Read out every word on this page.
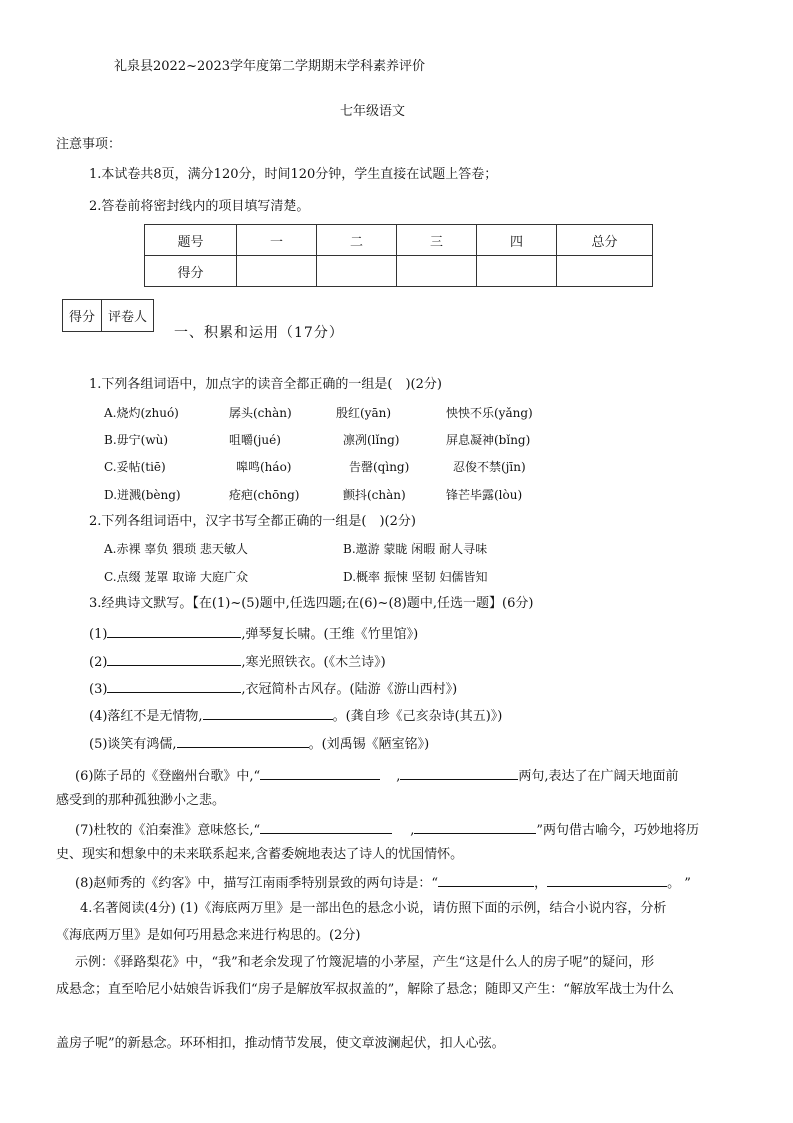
礼泉县2022~2023学年度第二学期期末学科素养评价
七年级语文
注意事项：
1.本试卷共8页，满分120分，时间120分钟，学生直接在试题上答卷；
2.答卷前将密封线内的项目填写清楚。
题号	一	二	三	四	总分
得分					
得分	评卷人
一、积累和运用（17分）
1.下列各组词语中，加点字的读音全都正确的一组是(　)(2分)
A.烧灼(zhuó)	孱头(chàn)	殷红(yān)	怏怏不乐(yǎng)
B.毋宁(wù)	咀嚼(jué)	凛冽(lǐng)	屏息凝神(bǐng)
C.妥帖(tiē)	嗥鸣(háo)	告罄(qìng)	忍俊不禁(jīn)
D.迸溅(bèng)	疮疤(chōng)	颤抖(chàn)	锋芒毕露(lòu)
2.下列各组词语中，汉字书写全都正确的一组是(　)(2分)
A.赤裸 辜负 猥琐 悲天敏人	B.遨游 蒙眬 闲暇 耐人寻味
C.点缀 茏罩 取谛 大庭广众	D.概率 振悚 坚韧 妇儒皆知
3.经典诗文默写。【在(1)~(5)题中,任选四题;在(6)~(8)题中,任选一题】(6分)
(1)	,弹琴复长啸。(王维《竹里馆》)
(2)	,寒光照铁衣。(《木兰诗》)
(3)	,衣冠简朴古风存。(陆游《游山西村》)
(4)落红不是无情物,	。(龚自珍《己亥杂诗(其五)》)
(5)谈笑有鸿儒,	。(刘禹锡《陋室铭》)
(6)陈子昂的《登幽州台歌》中,“	,	两句,表达了在广阔天地面前
感受到的那种孤独渺小之悲。
(7)杜牧的《泊秦淮》意味悠长,“	,	”两句借古喻今，巧妙地将历
史、现实和想象中的未来联系起来,含蓄委婉地表达了诗人的忧国情怀。
(8)赵师秀的《约客》中，描写江南雨季特别景致的两句诗是：“	，	。 ”
4.名著阅读(4分) (1)《海底两万里》是一部出色的悬念小说，请仿照下面的示例，结合小说内容，分析
《海底两万里》是如何巧用悬念来进行构思的。(2分)
示例：《驿路梨花》中，“我”和老余发现了竹篾泥墙的小茅屋，产生“这是什么人的房子呢”的疑问，形
成悬念；直至哈尼小姑娘告诉我们“房子是解放军叔叔盖的”，解除了悬念；随即又产生：“解放军战士为什么
盖房子呢”的新悬念。环环相扣，推动情节发展，使文章波澜起伏，扣人心弦。
